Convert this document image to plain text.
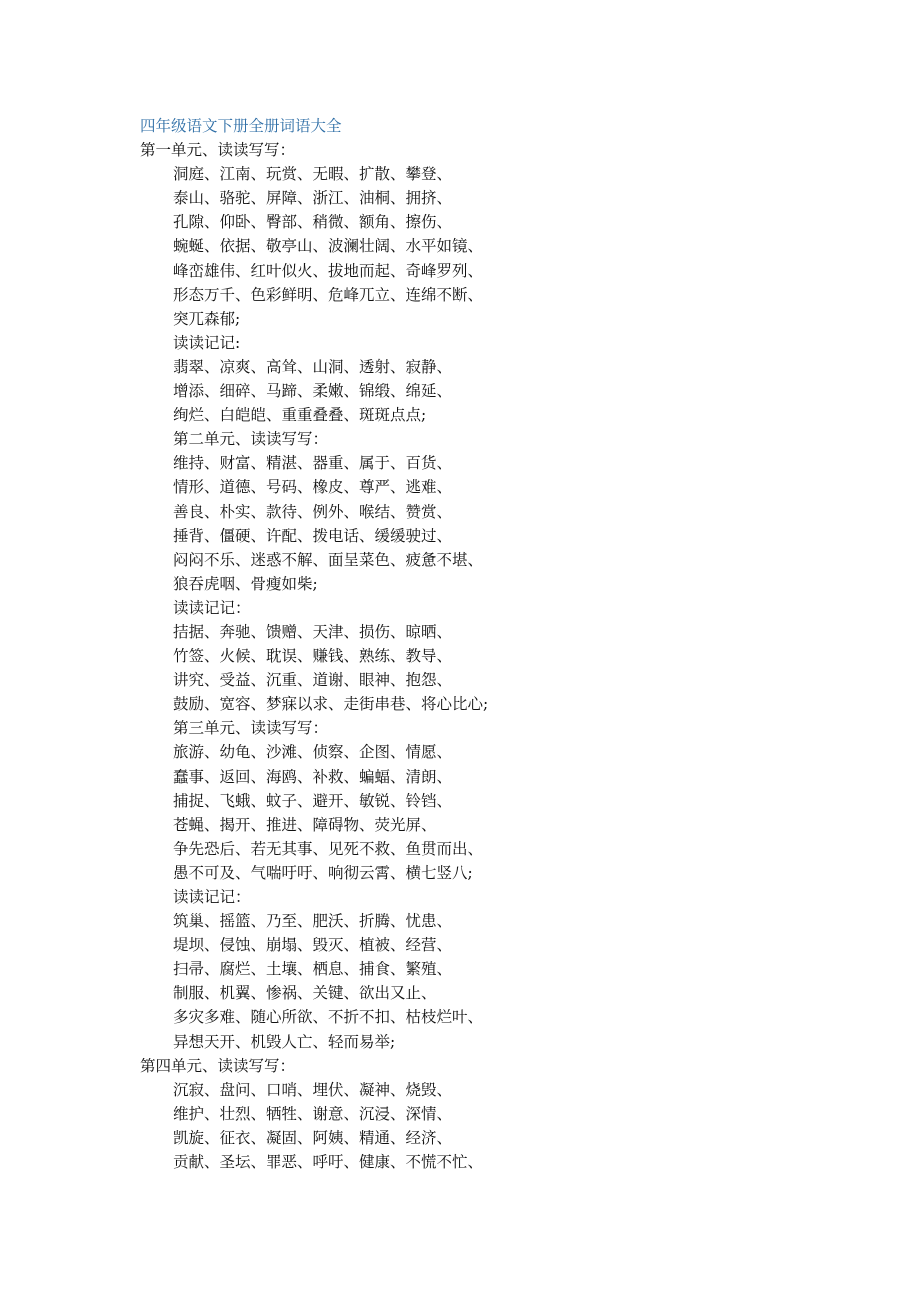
四年级语文下册全册词语大全
第一单元、读读写写：
洞庭、江南、玩赏、无暇、扩散、攀登、
泰山、骆驼、屏障、浙江、油桐、拥挤、
孔隙、仰卧、臀部、稍微、额角、擦伤、
蜿蜒、依据、敬亭山、波澜壮阔、水平如镜、
峰峦雄伟、红叶似火、拔地而起、奇峰罗列、
形态万千、色彩鲜明、危峰兀立、连绵不断、
突兀森郁;
读读记记:
翡翠、凉爽、高耸、山洞、透射、寂静、
增添、细碎、马蹄、柔嫩、锦缎、绵延、
绚烂、白皑皑、重重叠叠、斑斑点点;
第二单元、读读写写：
维持、财富、精湛、器重、属于、百货、
情形、道德、号码、橡皮、尊严、逃难、
善良、朴实、款待、例外、喉结、赞赏、
捶背、僵硬、许配、拨电话、缓缓驶过、
闷闷不乐、迷惑不解、面呈菜色、疲惫不堪、
狼吞虎咽、骨瘦如柴;
读读记记：
拮据、奔驰、馈赠、天津、损伤、晾晒、
竹签、火候、耽误、赚钱、熟练、教导、
讲究、受益、沉重、道谢、眼神、抱怨、
鼓励、宽容、梦寐以求、走街串巷、将心比心;
第三单元、读读写写：
旅游、幼龟、沙滩、侦察、企图、情愿、
蠢事、返回、海鸥、补救、蝙蝠、清朗、
捕捉、飞蛾、蚊子、避开、敏锐、铃铛、
苍蝇、揭开、推进、障碍物、荧光屏、
争先恐后、若无其事、见死不救、鱼贯而出、
愚不可及、气喘吁吁、响彻云霄、横七竖八;
读读记记：
筑巢、摇篮、乃至、肥沃、折腾、忧患、
堤坝、侵蚀、崩塌、毁灭、植被、经营、
扫帚、腐烂、土壤、栖息、捕食、繁殖、
制服、机翼、惨祸、关键、欲出又止、
多灾多难、随心所欲、不折不扣、枯枝烂叶、
异想天开、机毁人亡、轻而易举;
第四单元、读读写写：
沉寂、盘问、口哨、埋伏、凝神、烧毁、
维护、壮烈、牺牲、谢意、沉浸、深情、
凯旋、征衣、凝固、阿姨、精通、经济、
贡献、圣坛、罪恶、呼吁、健康、不慌不忙、
